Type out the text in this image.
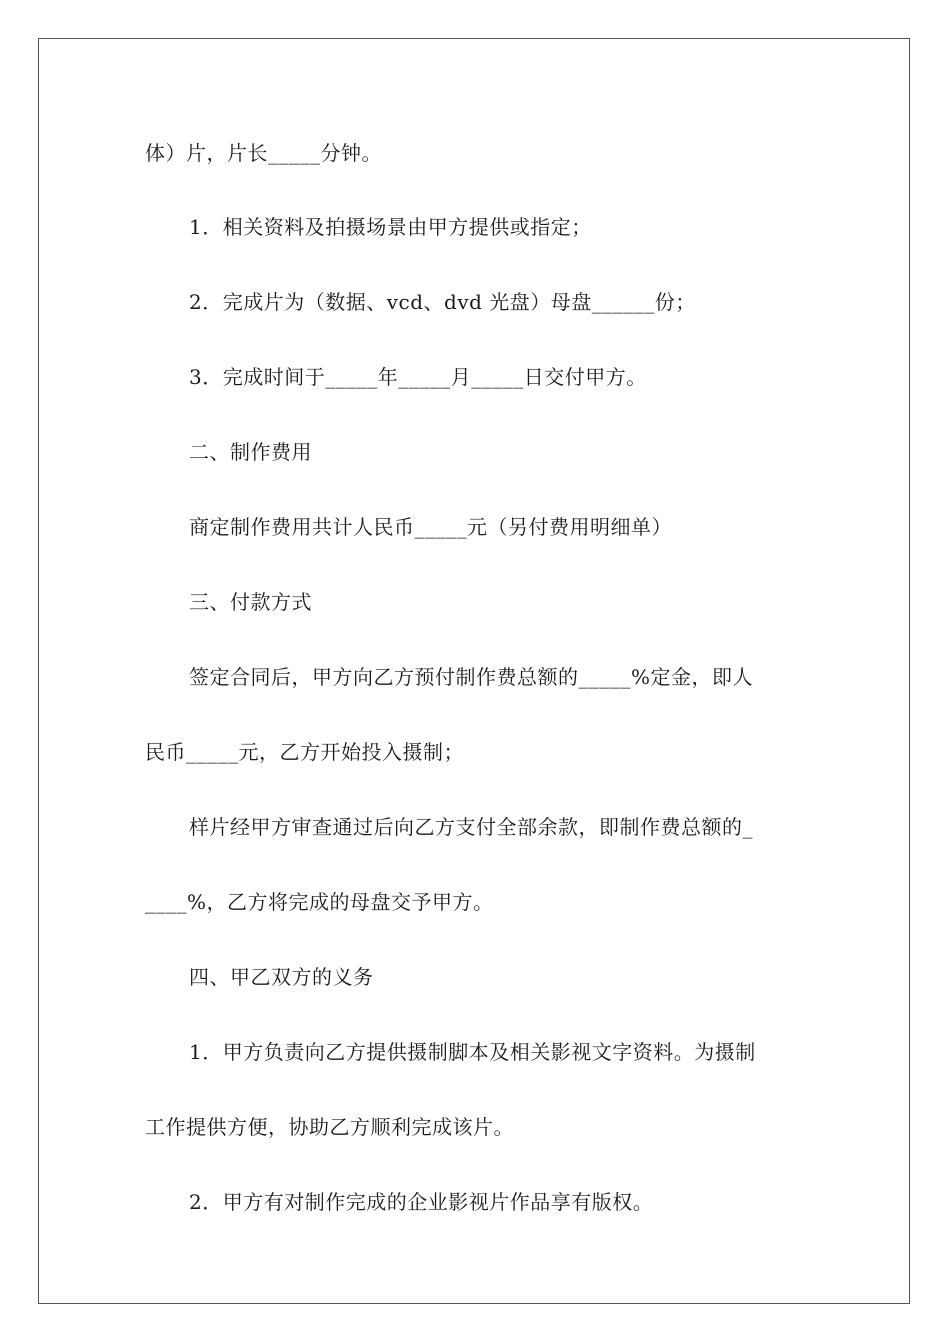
体）片，片长_____分钟。
1．相关资料及拍摄场景由甲方提供或指定；
2．完成片为（数据、vcd、dvd 光盘）母盘______份；
3．完成时间于_____年_____月_____日交付甲方。
二、制作费用
商定制作费用共计人民币_____元（另付费用明细单）
三、付款方式
签定合同后，甲方向乙方预付制作费总额的_____%定金，即人
民币_____元，乙方开始投入摄制；
样片经甲方审查通过后向乙方支付全部余款，即制作费总额的_
____%，乙方将完成的母盘交予甲方。
四、甲乙双方的义务
1．甲方负责向乙方提供摄制脚本及相关影视文字资料。为摄制
工作提供方便，协助乙方顺利完成该片。
2．甲方有对制作完成的企业影视片作品享有版权。
